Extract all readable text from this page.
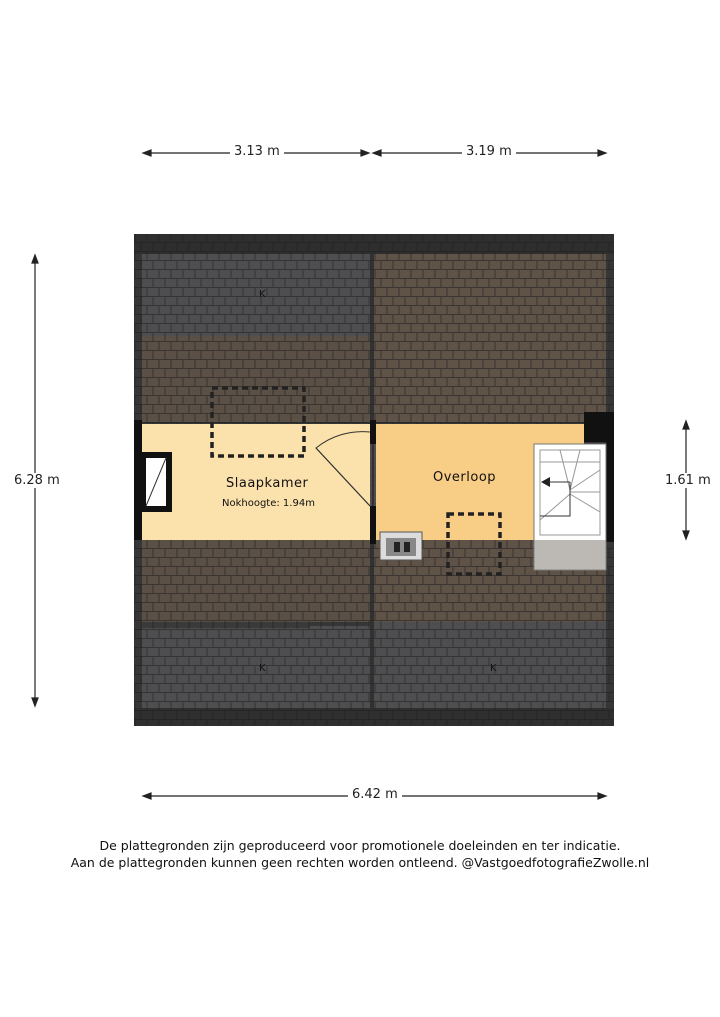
3.13 m	3.19 m
6.28 m	1.61 m
6.42 m
K
K	K
Slaapkamer
Nokhoogte: 1.94m
Overloop
De plattegronden zijn geproduceerd voor promotionele doeleinden en ter indicatie.
Aan de plattegronden kunnen geen rechten worden ontleend. @VastgoedfotografieZwolle.nl
